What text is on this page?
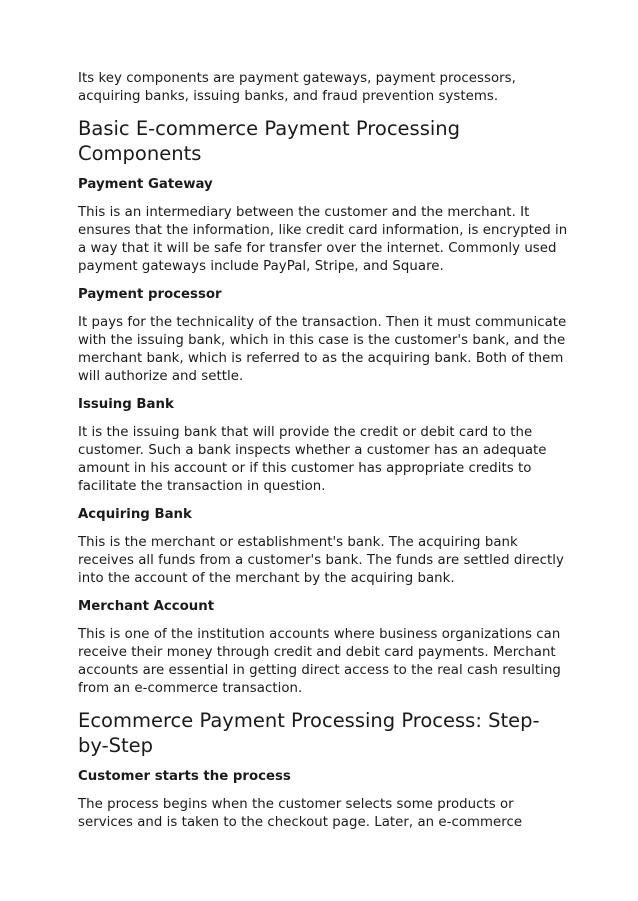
Its key components are payment gateways, payment processors, acquiring banks, issuing banks, and fraud prevention systems.

Basic E-commerce Payment Processing Components
Payment Gateway

This is an intermediary between the customer and the merchant. It ensures that the information, like credit card information, is encrypted in a way that it will be safe for transfer over the internet. Commonly used payment gateways include PayPal, Stripe, and Square.

Payment processor

It pays for the technicality of the transaction. Then it must communicate with the issuing bank, which in this case is the customer's bank, and the merchant bank, which is referred to as the acquiring bank. Both of them will authorize and settle.

Issuing Bank

It is the issuing bank that will provide the credit or debit card to the customer. Such a bank inspects whether a customer has an adequate amount in his account or if this customer has appropriate credits to facilitate the transaction in question.

Acquiring Bank

This is the merchant or establishment's bank. The acquiring bank receives all funds from a customer's bank. The funds are settled directly into the account of the merchant by the acquiring bank.

Merchant Account

This is one of the institution accounts where business organizations can receive their money through credit and debit card payments. Merchant accounts are essential in getting direct access to the real cash resulting from an e-commerce transaction.

Ecommerce Payment Processing Process: Step-by-Step
Customer starts the process

The process begins when the customer selects some products or services and is taken to the checkout page. Later, an e-commerce
